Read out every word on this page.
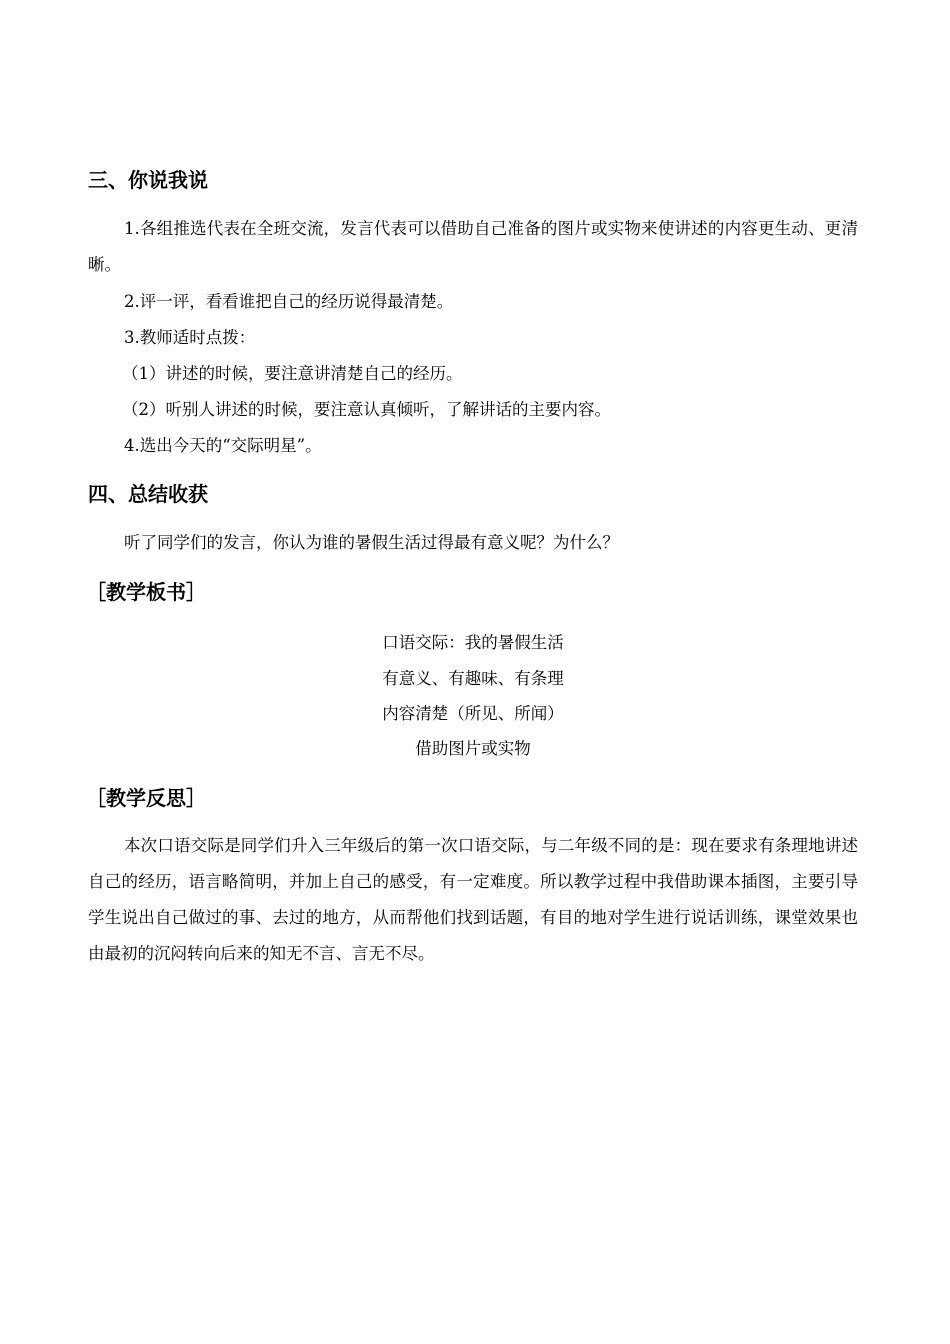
三、你说我说
1.各组推选代表在全班交流，发言代表可以借助自己准备的图片或实物来使讲述的内容更生动、更清晰。
2.评一评，看看谁把自己的经历说得最清楚。
3.教师适时点拨：
（1）讲述的时候，要注意讲清楚自己的经历。
（2）听别人讲述的时候，要注意认真倾听，了解讲话的主要内容。
4.选出今天的“交际明星”。
四、总结收获
听了同学们的发言，你认为谁的暑假生活过得最有意义呢？为什么？
［教学板书］
口语交际：我的暑假生活
有意义、有趣味、有条理
内容清楚（所见、所闻）
借助图片或实物
［教学反思］
本次口语交际是同学们升入三年级后的第一次口语交际，与二年级不同的是：现在要求有条理地讲述自己的经历，语言略简明，并加上自己的感受，有一定难度。所以教学过程中我借助课本插图，主要引导学生说出自己做过的事、去过的地方，从而帮他们找到话题，有目的地对学生进行说话训练，课堂效果也由最初的沉闷转向后来的知无不言、言无不尽。
